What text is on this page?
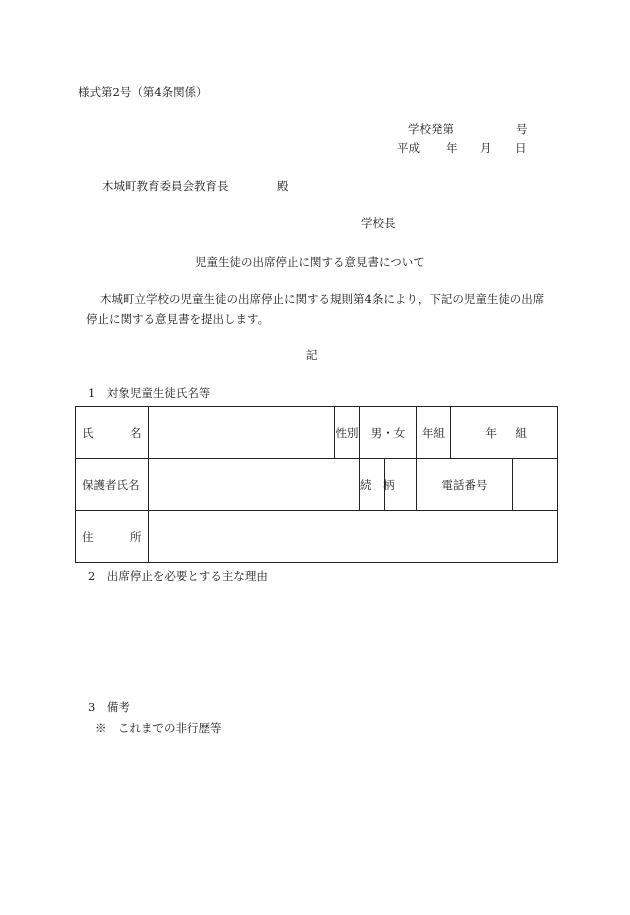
様式第2号（第4条関係）
学校発第	号
平成 年 月 日
木城町教育委員会教育長	殿
学校長
児童生徒の出席停止に関する意見書について
木城町立学校の児童生徒の出席停止に関する規則第4条により，下記の児童生徒の出席
停止に関する意見書を提出します。
記
1　対象児童生徒氏名等
氏 名		性別	男・女		年組	年 組	
保護者氏名			続　柄		電話番号		
住 所							
2　出席停止を必要とする主な理由
3　備考
※　これまでの非行歴等
